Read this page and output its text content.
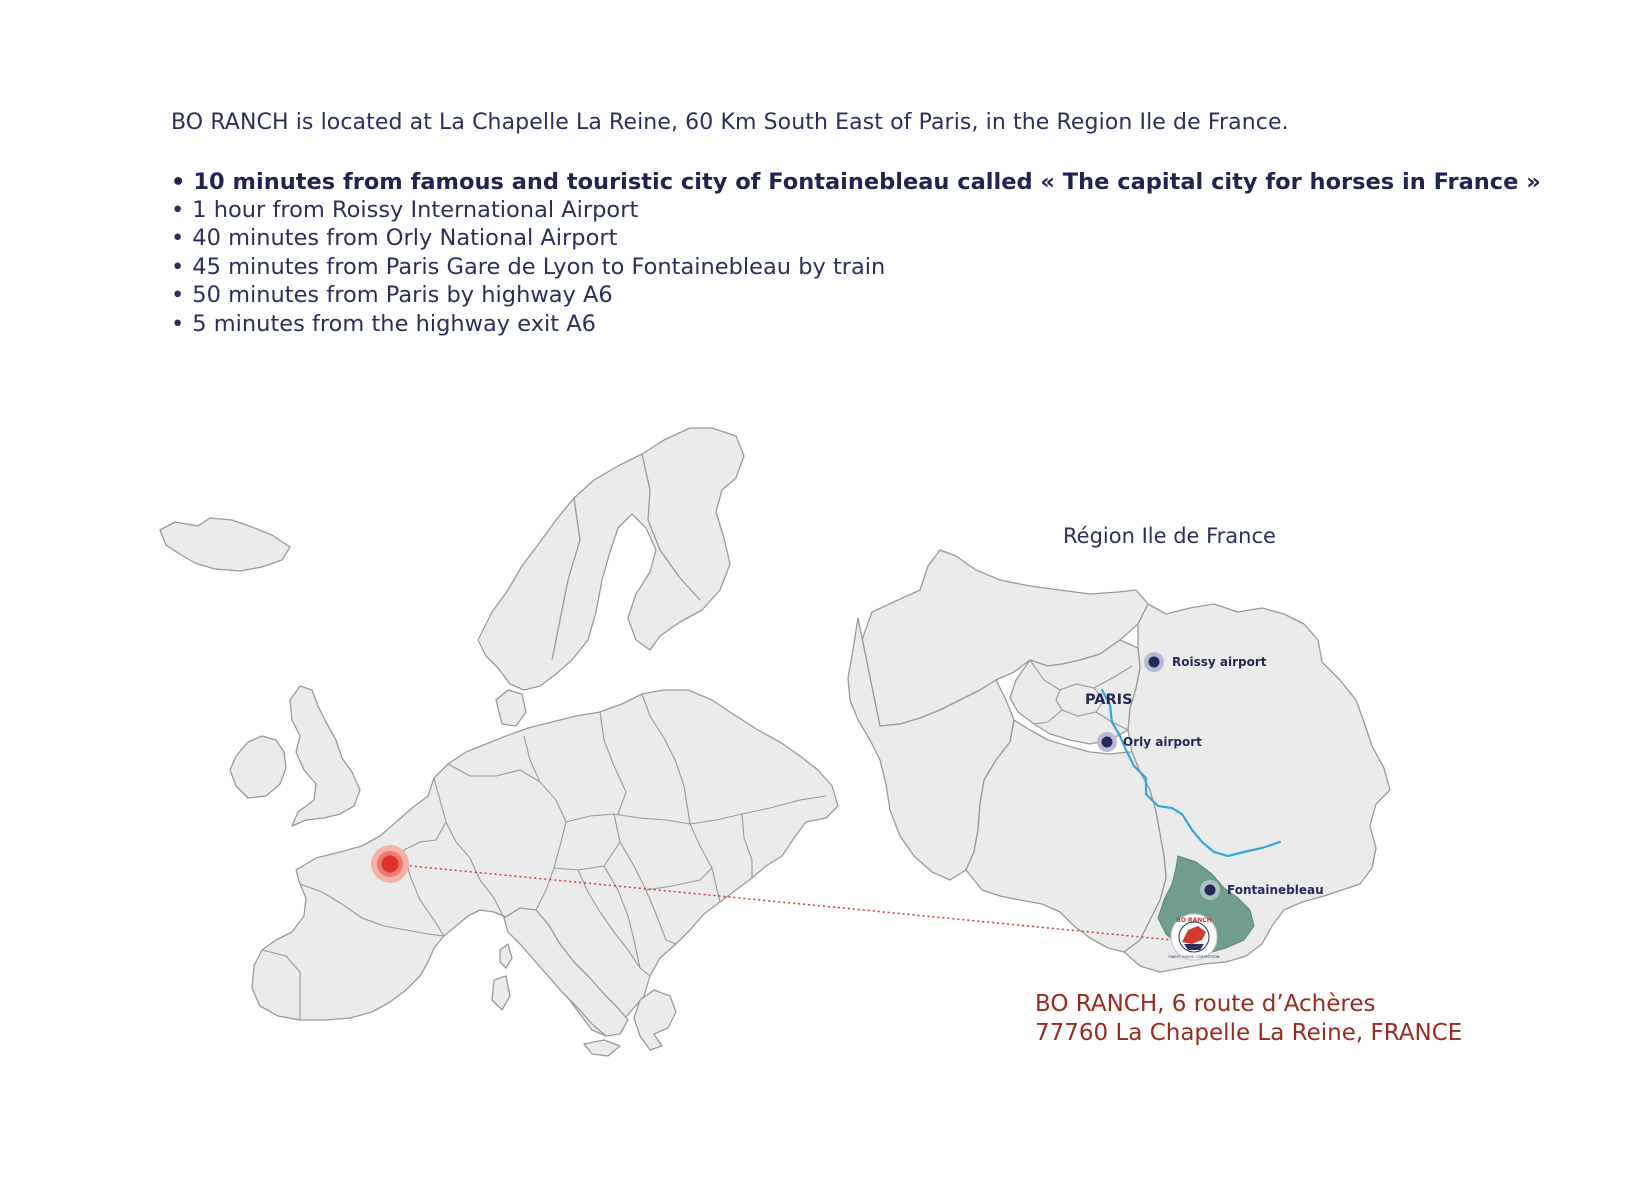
BO RANCH is located at La Chapelle La Reine, 60 Km South East of Paris, in the Region Ile de France.
• 10 minutes from famous and touristic city of Fontainebleau called « The capital city for horses in France »
• 1 hour from Roissy International Airport
• 40 minutes from Orly National Airport
• 45 minutes from Paris Gare de Lyon to Fontainebleau by train
• 50 minutes from Paris by highway A6
• 5 minutes from the highway exit A6
BO RANCH
FINEST HORSE COMPETITION
Région Ile de France
PARIS
Roissy airport
Orly airport
Fontainebleau
BO RANCH, 6 route d’Achères
77760 La Chapelle La Reine, FRANCE
